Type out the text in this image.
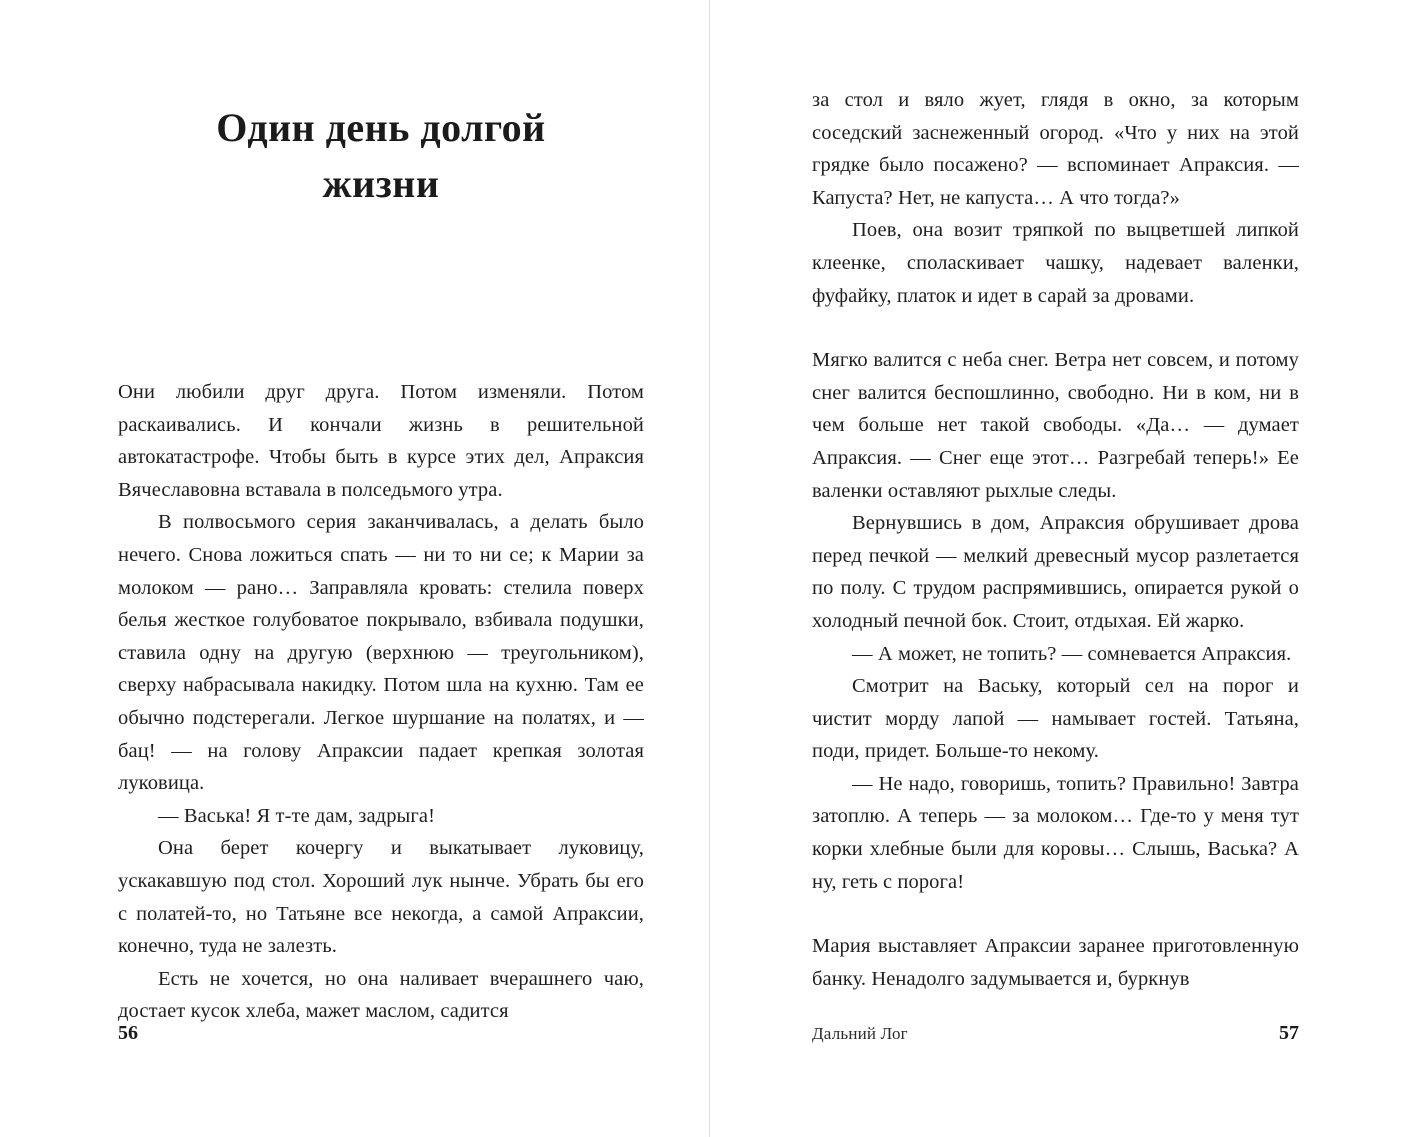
Один день долгой
жизни

Они любили друг друга. Потом изменяли. Потом раскаивались. И кончали жизнь в решительной автокатастрофе. Чтобы быть в курсе этих дел, Апраксия Вячеславовна вставала в полседьмого утра.

В полвосьмого серия заканчивалась, а делать было нечего. Снова ложиться спать — ни то ни се; к Марии за молоком — рано… Заправляла кровать: стелила поверх белья жесткое голубоватое покрывало, взбивала подушки, ставила одну на другую (верхнюю — треугольником), сверху набрасывала накидку. Потом шла на кухню. Там ее обычно подстерегали. Легкое шуршание на полатях, и — бац! — на голову Апраксии падает крепкая золотая луковица.

— Васька! Я т-те дам, задрыга!

Она берет кочергу и выкатывает луковицу, ускакавшую под стол. Хороший лук нынче. Убрать бы его с полатей-то, но Татьяне все некогда, а самой Апраксии, конечно, туда не залезть.

Есть не хочется, но она наливает вчерашнего чаю, достает кусок хлеба, мажет маслом, садится

56

за стол и вяло жует, глядя в окно, за которым соседский заснеженный огород. «Что у них на этой грядке было посажено? — вспоминает Апраксия. — Капуста? Нет, не капуста… А что тогда?»

Поев, она возит тряпкой по выцветшей липкой клеенке, споласкивает чашку, надевает валенки, фуфайку, платок и идет в сарай за дровами.

Мягко валится с неба снег. Ветра нет совсем, и потому снег валится беспошлинно, свободно. Ни в ком, ни в чем больше нет такой свободы. «Да… — думает Апраксия. — Снег еще этот… Разгребай теперь!» Ее валенки оставляют рыхлые следы.

Вернувшись в дом, Апраксия обрушивает дрова перед печкой — мелкий древесный мусор разлетается по полу. С трудом распрямившись, опирается рукой о холодный печной бок. Стоит, отдыхая. Ей жарко.

— А может, не топить? — сомневается Апраксия.

Смотрит на Ваську, который сел на порог и чистит морду лапой — намывает гостей. Татьяна, поди, придет. Больше-то некому.

— Не надо, говоришь, топить? Правильно! Завтра затоплю. А теперь — за молоком… Где-то у меня тут корки хлебные были для коровы… Слышь, Васька? А ну, геть с порога!

Мария выставляет Апраксии заранее приготовленную банку. Ненадолго задумывается и, буркнув

Дальний Лог	57
